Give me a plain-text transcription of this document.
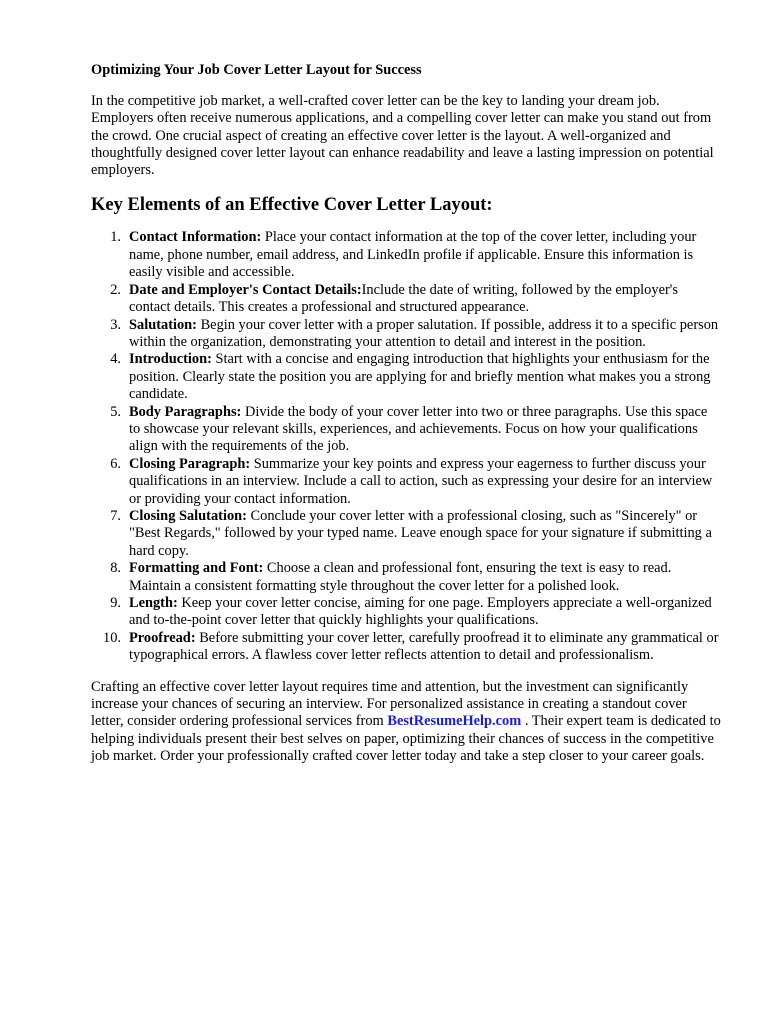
Optimizing Your Job Cover Letter Layout for Success

In the competitive job market, a well-crafted cover letter can be the key to landing your dream job. Employers often receive numerous applications, and a compelling cover letter can make you stand out from the crowd. One crucial aspect of creating an effective cover letter is the layout. A well-organized and thoughtfully designed cover letter layout can enhance readability and leave a lasting impression on potential employers.

Key Elements of an Effective Cover Letter Layout:
1. Contact Information: Place your contact information at the top of the cover letter, including your name, phone number, email address, and LinkedIn profile if applicable. Ensure this information is easily visible and accessible.
2. Date and Employer's Contact Details:Include the date of writing, followed by the employer's contact details. This creates a professional and structured appearance.
3. Salutation: Begin your cover letter with a proper salutation. If possible, address it to a specific person within the organization, demonstrating your attention to detail and interest in the position.
4. Introduction: Start with a concise and engaging introduction that highlights your enthusiasm for the position. Clearly state the position you are applying for and briefly mention what makes you a strong candidate.
5. Body Paragraphs: Divide the body of your cover letter into two or three paragraphs. Use this space to showcase your relevant skills, experiences, and achievements. Focus on how your qualifications align with the requirements of the job.
6. Closing Paragraph: Summarize your key points and express your eagerness to further discuss your qualifications in an interview. Include a call to action, such as expressing your desire for an interview or providing your contact information.
7. Closing Salutation: Conclude your cover letter with a professional closing, such as "Sincerely" or "Best Regards," followed by your typed name. Leave enough space for your signature if submitting a hard copy.
8. Formatting and Font: Choose a clean and professional font, ensuring the text is easy to read. Maintain a consistent formatting style throughout the cover letter for a polished look.
9. Length: Keep your cover letter concise, aiming for one page. Employers appreciate a well-organized and to-the-point cover letter that quickly highlights your qualifications.
10. Proofread: Before submitting your cover letter, carefully proofread it to eliminate any grammatical or typographical errors. A flawless cover letter reflects attention to detail and professionalism.

Crafting an effective cover letter layout requires time and attention, but the investment can significantly increase your chances of securing an interview. For personalized assistance in creating a standout cover letter, consider ordering professional services from BestResumeHelp.com . Their expert team is dedicated to helping individuals present their best selves on paper, optimizing their chances of success in the competitive job market. Order your professionally crafted cover letter today and take a step closer to your career goals.
